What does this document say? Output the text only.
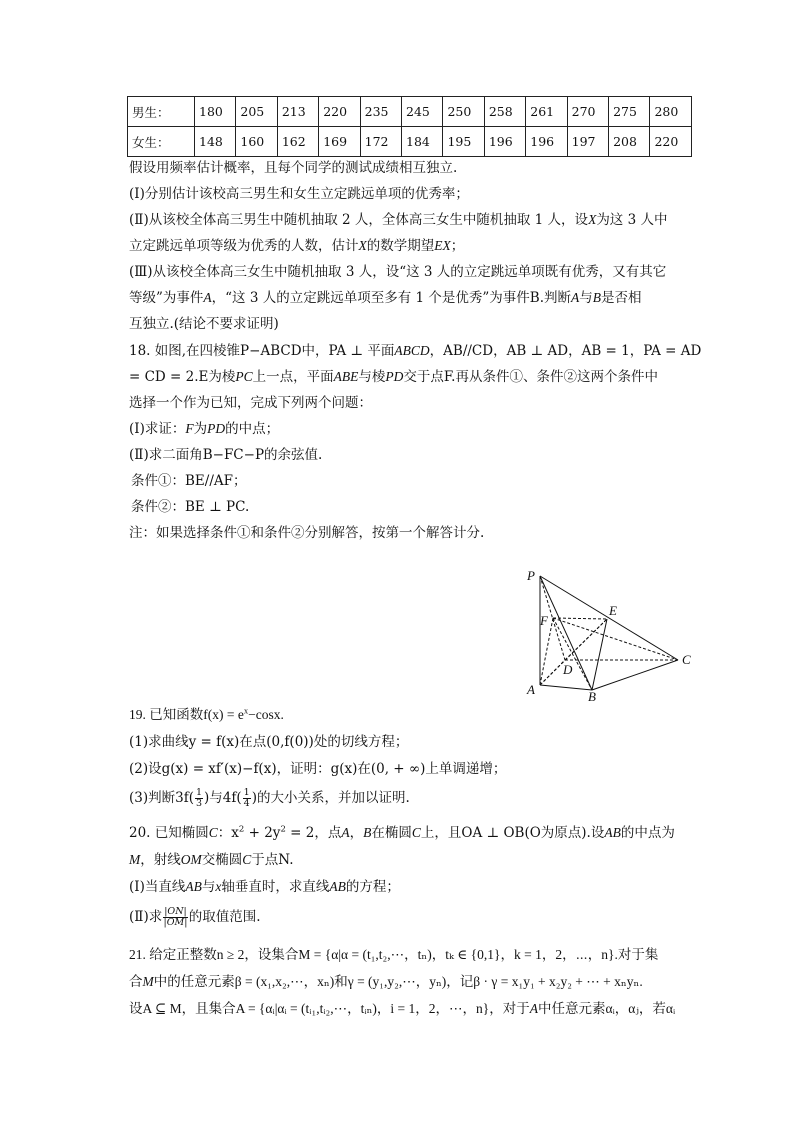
男生：	180	205	213	220	235	245	250	258	261	270	275	280
女生：	148	160	162	169	172	184	195	196	196	197	208	220
假设用频率估计概率，且每个同学的测试成绩相互独立.
(Ⅰ)分别估计该校高三男生和女生立定跳远单项的优秀率；
(Ⅱ)从该校全体高三男生中随机抽取 2 人，全体高三女生中随机抽取 1 人，设X为这 3 人中
立定跳远单项等级为优秀的人数，估计X的数学期望EX；
(Ⅲ)从该校全体高三女生中随机抽取 3 人，设“这 3 人的立定跳远单项既有优秀，又有其它
等级”为事件A，“这 3 人的立定跳远单项至多有 1 个是优秀”为事件B.判断A与B是否相
互独立.(结论不要求证明)
18. 如图,在四棱锥P−ABCD中，PA ⊥ 平面ABCD，AB//CD，AB ⊥ AD，AB = 1，PA = AD
= CD = 2.E为棱PC上一点，平面ABE与棱PD交于点F.再从条件①、条件②这两个条件中
选择一个作为已知，完成下列两个问题：
(Ⅰ)求证：F为PD的中点；
(Ⅱ)求二面角B−FC−P的余弦值.
条件①：BE//AF；
条件②：BE ⊥ PC.
注：如果选择条件①和条件②分别解答，按第一个解答计分.
P
E
F
D
C
A	B
19. 已知函数$f(x) = e^x-\cos x$.
(1)求曲线y = f(x)在点(0,f(0))处的切线方程；
(2)设g(x) = xf′(x)−f(x)，证明：g(x)在(0, + ∞)上单调递增；
(3)判断$3f( \frac{1}{3}$ )与$4f( \frac{1}{4}$ )的大小关系，并加以证明.
20. 已知椭圆C：$x^2 + 2y^2 = 2$，点A，B在椭圆C上，且OA ⊥ OB(O为原点).设AB的中点为
M，射线OM交椭圆C于点N.
(Ⅰ)当直线AB与x轴垂直时，求直线AB的方程；
(Ⅱ)求 $\frac{|ON|}{|OM|}$ 的取值范围.
21. 给定正整数n ≥ 2，设集合M = {α|α = (t₁,t₂,⋯，tₙ)，tₖ ∈ {0,1}，k = 1，2，⋯，n}.对于集
合M中的任意元素β = (x₁,x₂,⋯，xₙ)和γ = (y₁,y₂,⋯，yₙ)，记β · γ = x₁y₁ + x₂y₂ + ⋯ + xₙyₙ.
设A ⊆ M，且集合A = {αᵢ|αᵢ = (tᵢ₁,tᵢ₂,⋯，tᵢₙ)，i = 1，2，⋯，n}，对于A中任意元素αᵢ，αⱼ，若αᵢ
